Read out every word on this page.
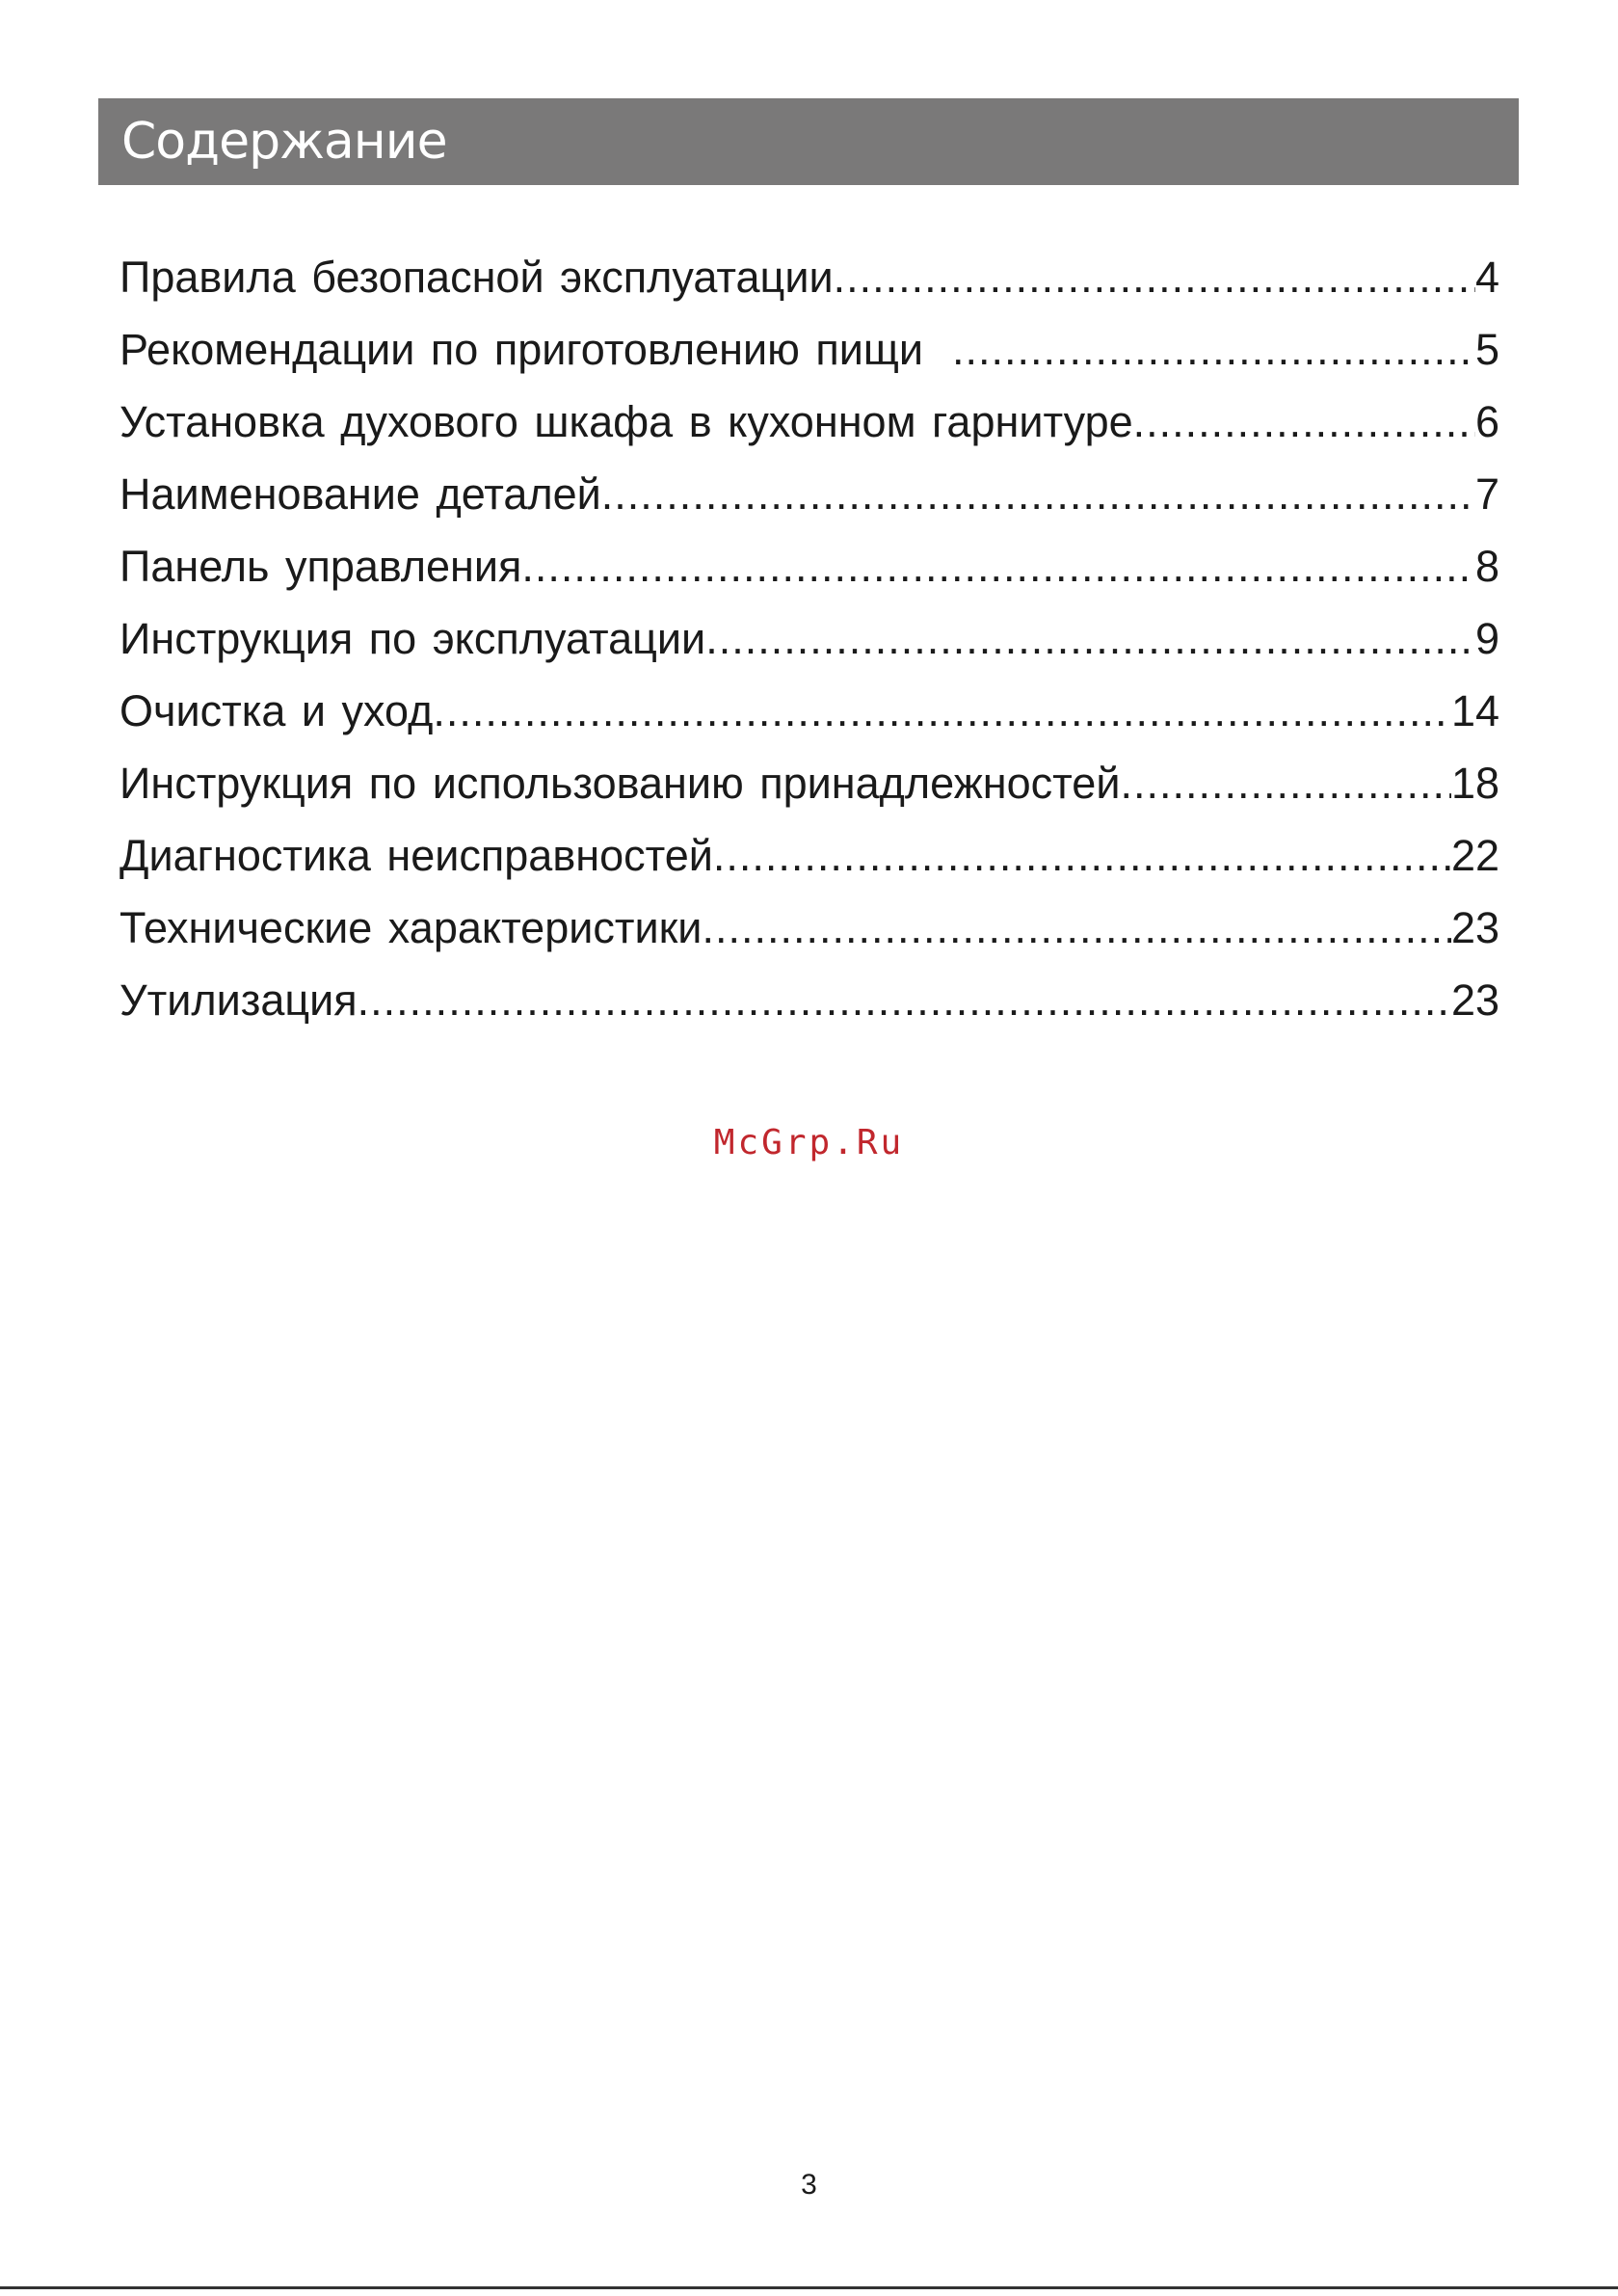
Содержание
Правила безопасной эксплуатации .....	4
Рекомендации по приготовлению пищи .....	5
Установка духового шкафа в кухонном гарнитуре .....	6
Наименование деталей .....	7
Панель управления .....	8
Инструкция по эксплуатации .....	9
Очистка и уход .....	14
Инструкция по использованию принадлежностей .....	18
Диагностика неисправностей .....	22
Технические характеристики .....	23
Утилизация .....	23
McGrp.Ru
3
